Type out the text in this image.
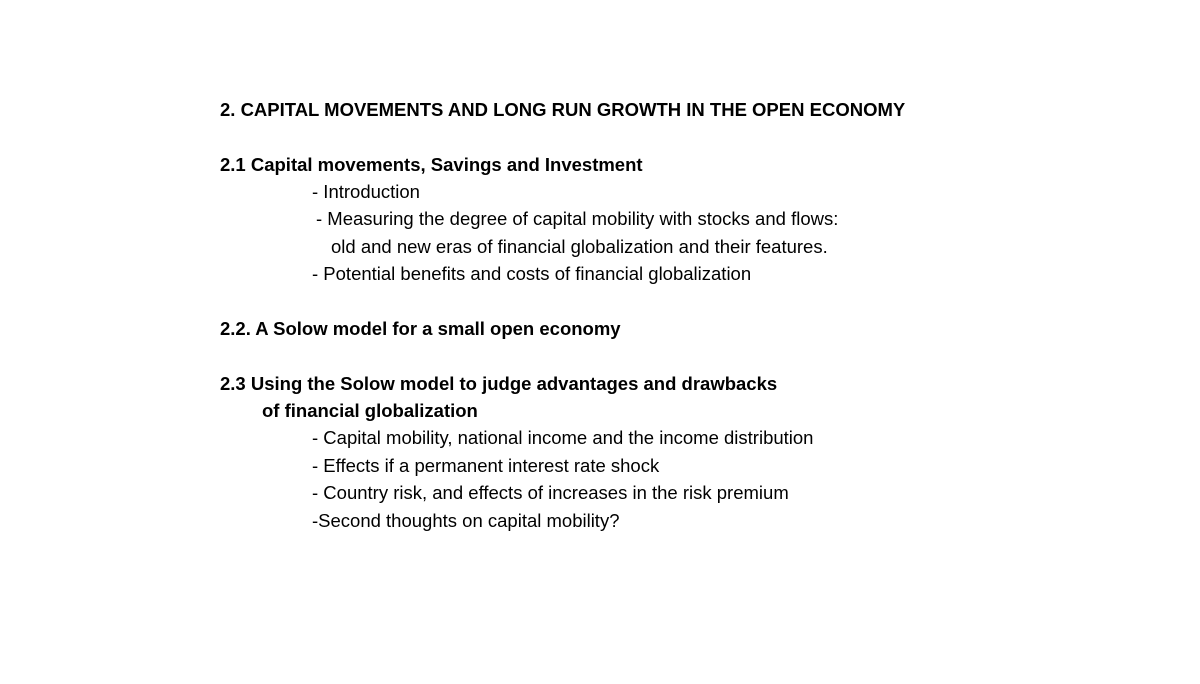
2. CAPITAL MOVEMENTS AND LONG RUN GROWTH IN THE OPEN ECONOMY
2.1 Capital movements, Savings and Investment
- Introduction
- Measuring the degree of capital mobility with stocks and flows:
old and new eras of financial globalization and their features.
- Potential benefits and costs of financial globalization
2.2. A Solow model for a small open economy
2.3 Using the Solow model to judge advantages and drawbacks
of financial globalization
- Capital mobility, national income and the income distribution
- Effects if a permanent interest rate shock
- Country risk, and effects of increases in the risk premium
-Second thoughts on capital mobility?
